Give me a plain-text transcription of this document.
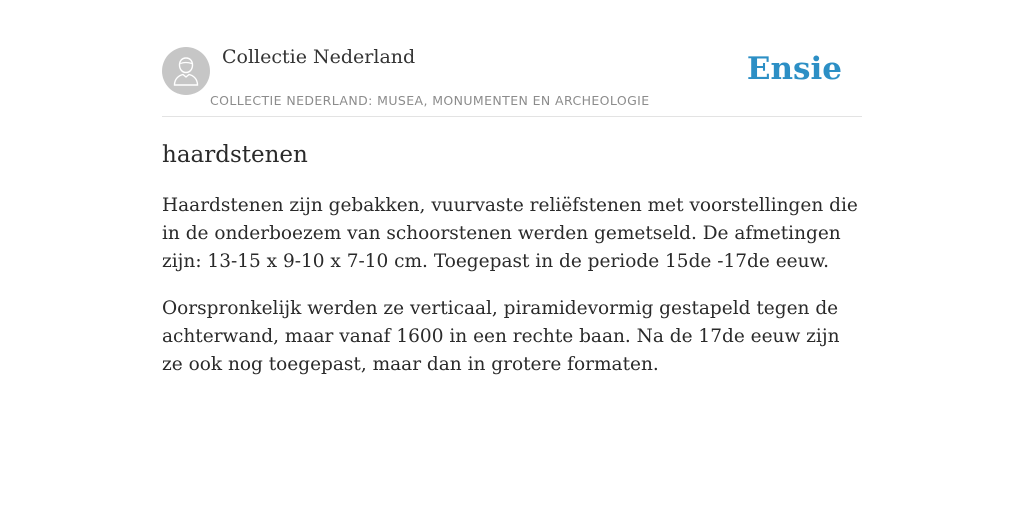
Collectie Nederland
COLLECTIE NEDERLAND: MUSEA, MONUMENTEN EN ARCHEOLOGIE
Ensie
haardstenen

Haardstenen zijn gebakken, vuurvaste reliëfstenen met voorstellingen die in de onderboezem van schoorstenen werden gemetseld. De afmetingen zijn: 13-15 x 9-10 x 7-10 cm. Toegepast in de periode 15de -17de eeuw.

Oorspronkelijk werden ze verticaal, piramidevormig gestapeld tegen de achterwand, maar vanaf 1600 in een rechte baan. Na de 17de eeuw zijn ze ook nog toegepast, maar dan in grotere formaten.
